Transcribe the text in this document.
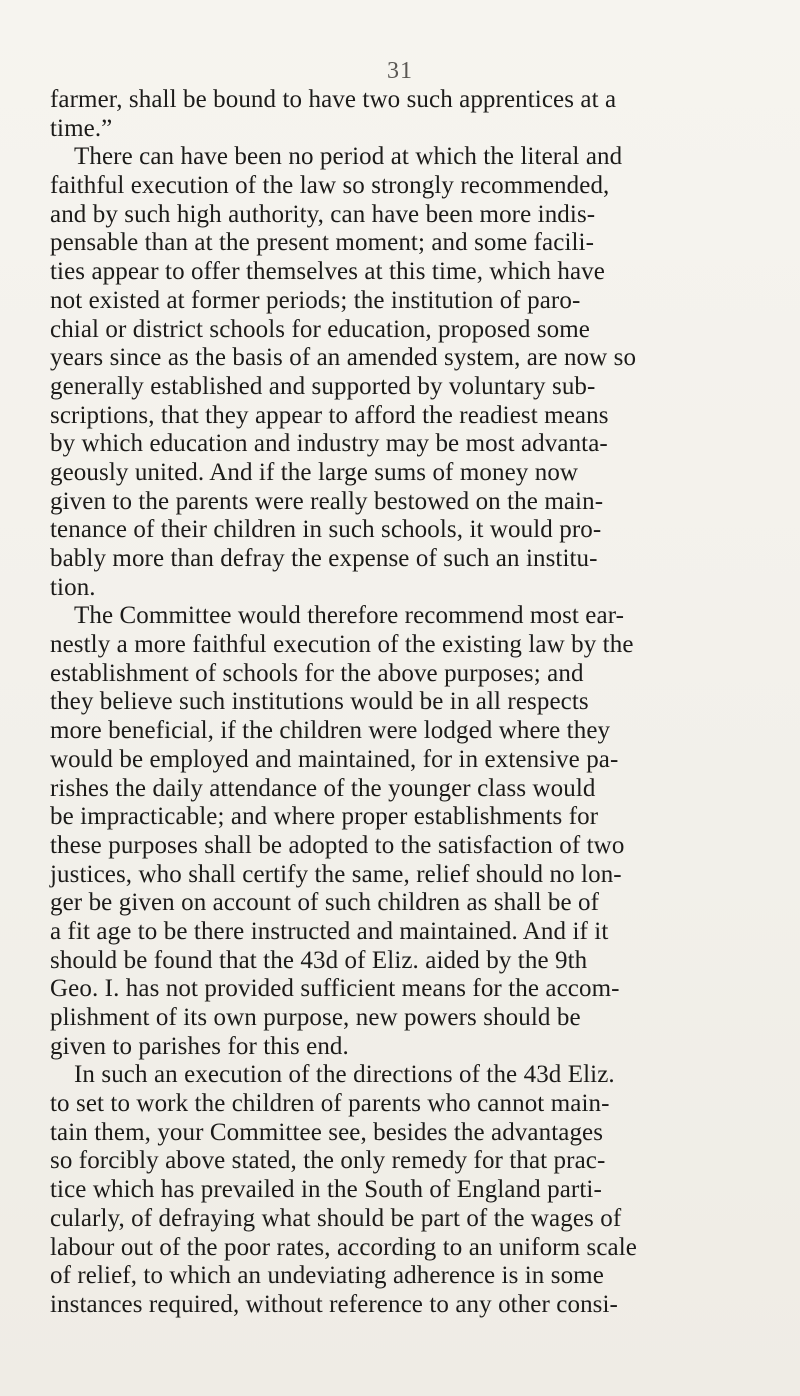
31
farmer, shall be bound to have two such apprentices at a
time.”
There can have been no period at which the literal and
faithful execution of the law so strongly recommended,
and by such high authority, can have been more indis-
pensable than at the present moment; and some facili-
ties appear to offer themselves at this time, which have
not existed at former periods; the institution of paro-
chial or district schools for education, proposed some
years since as the basis of an amended system, are now so
generally established and supported by voluntary sub-
scriptions, that they appear to afford the readiest means
by which education and industry may be most advanta-
geously united. And if the large sums of money now
given to the parents were really bestowed on the main-
tenance of their children in such schools, it would pro-
bably more than defray the expense of such an institu-
tion.
The Committee would therefore recommend most ear-
nestly a more faithful execution of the existing law by the
establishment of schools for the above purposes; and
they believe such institutions would be in all respects
more beneficial, if the children were lodged where they
would be employed and maintained, for in extensive pa-
rishes the daily attendance of the younger class would
be impracticable; and where proper establishments for
these purposes shall be adopted to the satisfaction of two
justices, who shall certify the same, relief should no lon-
ger be given on account of such children as shall be of
a fit age to be there instructed and maintained. And if it
should be found that the 43d of Eliz. aided by the 9th
Geo. I. has not provided sufficient means for the accom-
plishment of its own purpose, new powers should be
given to parishes for this end.
In such an execution of the directions of the 43d Eliz.
to set to work the children of parents who cannot main-
tain them, your Committee see, besides the advantages
so forcibly above stated, the only remedy for that prac-
tice which has prevailed in the South of England parti-
cularly, of defraying what should be part of the wages of
labour out of the poor rates, according to an uniform scale
of relief, to which an undeviating adherence is in some
instances required, without reference to any other consi-
